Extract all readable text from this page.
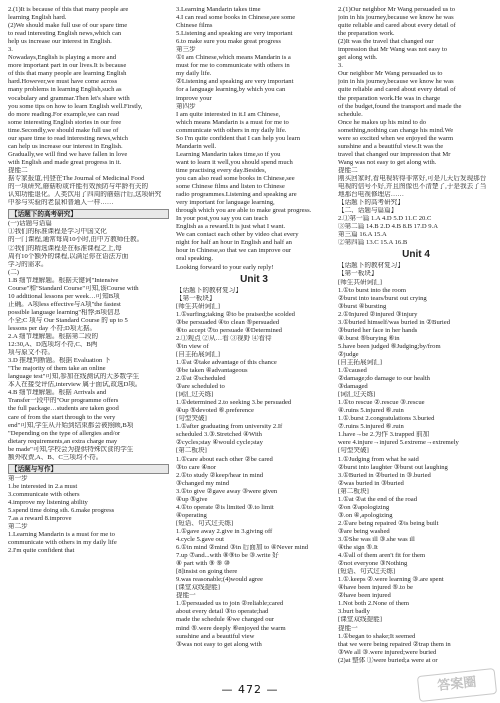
2.(1)It is because of this that many people are
learning English hard.
(2)We should make full use of our spare time
to read interesting English news,which can
help us increase our interest in English.
3.
Nowadays,English is playing a more and
more important part in our lives.It is because
of this that many people are learning English
hard.However,we must have come across
many problems in learning English,such as
vocabulary and grammar.Then let's share with
you some tips on how to learn English well.Firstly,
do more reading.For example,we can read
some interesting English stories in our free
time.Secondly,we should make full use of
our spare time to read interesting news,which
can help us increase our interest in English.
Gradually,we will find we have fallen in love
with English and made great progress in it.
提能二
据专家报道,刊登在The Journal of Medicinal Food
的一项研究,蘑菇粉或许能有效预防与年龄有关的
认知功能退化。人类饮用了四周的蘑菇汁后,这项研究
中参与实验的老鼠和普通人一样……
【话题下的高考研究】
(一)话题与语篇
①我们的标准课程是学习中国文化
的一门课程,通常每周10小时,由中方教师任教。
②我们的精选课程是在标准课程之上,每
周有10个额外的课程,以满足你在语法方面
学习的需求。
(二)
1.B 细节理解题。根据关键词"Intensive
Course"和"Standard Course"可知,该Course with
10 additional lessons per week…可知B项
正确。A项less effective与A项"the fastest
possible language learning"相悖;B项信息
不全;C 项与 Our Standard Course 的 up to 5
lessons per day 不符;D项无据。
2.A 细节理解题。根据第二段的
12:30,A、D选项均不符,C、B两
项与原文不符。
3.D 推理判断题。根据 Evaluation 下
"The majority of them take an online
language test"可知,参加在线测试的大多数学生
本人在接受评估,interview 属于面试,故选D项。
4.B 细节理解题。根据 Arrivals and
Transfer一段中的"Our programme offers
the full package…students are taken good
care of from the start through to the very
end"可知,学生从开始到结束都会被照顾,B项
"Depending on the type of allergies and/or
dietary requirements,an extra charge may
be made"可知,学校会为提供特殊饮食的学生
额外收费,A、B、C三项均不符。
【话题与写作】
第一步
1.be interested in 2.a must
3.communicate with others
4.improve my listening ability
5.spend time doing sth. 6.make progress
7.as a reward 8.improve
第二步
1.Learning Mandarin is a must for me to
communicate with others in my daily life
2.I'm quite confident that
3.Learning Mandarin takes time
4.I can read some books in Chinese,see some
Chinese films
5.Listening and speaking are very important
6.to make sure you make great progress
第三步
①I am Chinese,which means Mandarin is a
must for me to communicate with others in
my daily life.
②Listening and speaking are very important
for a language learning,by which you can
improve your
第四步
I am quite interested in it.I am Chinese,
which means Mandarin is a must for me to
communicate with others in my daily life.
So I'm quite confident that I can help you learn
Mandarin well.
Learning Mandarin takes time,so if you
want to learn it well,you should spend much
time practising every day.Besides,
you can also read some books in Chinese,see
some Chinese films and listen to Chinese
radio programmes.Listening and speaking are
very important for language learning,
through which you are able to make great progress.
In your post,you say you can teach
English as a reward.It is just what I want.
We can contact each other by video chat every
night for half an hour in English and half an
hour in Chinese,so that we can improve our
oral speaking.
Looking forward to your early reply!
Unit 3
【话题下的教材复习】
【第一板块】
[师生共研词汇]
1.①surfing;taking ②to be praised;be scolded
③be persuaded ④to clean ⑤persuaded
⑥to accept ⑦to persuade ⑧Determined
2.①观点 ②从…看 ③视野 ④看待
⑤in view of
[自主拓展词汇]
1.①at ②take advantage of this chance
③be taken ④advantageous
2.①at ②scheduled
③are scheduled to
[词汇过关练]
1.①determined 2.to seeking 3.be persuaded
④up ⑤devoted ⑥.preference
[句型突破]
1.①after graduating from university 2.If
scheduled 3.③.Stretched ④With
②cycles;stay ④would cycle;stay
[第二板块]
1.①care about each other ②be cared
③to care ④nor
2.①to study ②keep/hear in mind
③changed my mind
3.①to give ②gave away ③were given
④up ⑤give
4.①to operate ②is limited ③.to limit
④operating
[短语、句式过关练]
1.①gave away 2.give in 3.giving off
4.cycle 5.gave out
6.①in mind ②mind ③in 后面加 to ④Never mind
7.up ⑦and...with ⑧⑨to be ③.write 好
⑧ part with ⑨ ⑨ ⑩
[8]insist on going there
9.was reasonable;(4)would agree
[课堂双线提能]
提能一
1.①persuaded us to join ②reliable;cared
about every detail ③to operate;had
made the schedule ④we changed our
mind ⑤.were deeply ⑥enjoyed the warm
sunshine and a beautiful view
③was not easy to get along with
2.(1)Our neighbor Mr Wang persuaded us to
join in his journey,because we know he was
quite reliable and cared about every detail of
the preparation work.
(2)It was the travel that changed our
impression that Mr Wang was not easy to
get along with.
3.
Our neighbor Mr Wang persuaded us to
join in his journey,because we know he was
quite reliable and cared about every detail of
the preparation work.He was in charge
of the budget,found the transport and made the
schedule.
Once he makes up his mind to do
something,nothing can change his mind.We
were so excited when we enjoyed the warm
sunshine and a beautiful view.It was the
travel that changed our impression that Mr
Wang was not easy to get along with.
提能二
刚买回家时,看电视转得非常好,可是几天后发现那台
电视的信号不好,并且图像也不清楚了,于是我去了当
地那台电视修理店……
【话题下的高考研究】
【二、话题与篇篇】
2.①第一篇 1.A 4.D 5.D 11.C 20.C
③第二篇 14.B 2.D 4.B 8.B 17.D 9.A
第三篇 16.A 15.A
②第四篇 13.C 15.A 16.B
Unit 4
【话题下的教材复习】
【第一板块】
[师生共研词汇]
1.①to burst into the room
②burst into tears/burst out crying
③burst ④bursting
2.①Injured ②injured ③injury
3.①buried himself/was buried in ②Buried
③buried her face in her hands
④.burst ⑤burying ⑥in
5.have been judged ⑥Judging;by/from
②judge
[自主拓展词汇]
1.①caused
②damage;do damage to our health
③damaged
[词汇过关练]
1.①to rescue ②.rescue ③.rescue
④.ruins 5.injured ⑥.ruin
1.①.burst 2.congratulations 3.buried
⑦.ruins 5.injured ⑥.ruin
1.have→be 2.为作 3.trapped 前加
were 4.injure→injured 5.extreme→extremely
[句型突破]
1.①Judging from what he said
②burst into laughter ③burst out laughing
3.①Buried in ②buried in ③.buried
②was buried in ③buried
[第二板块]
1.①at ②at the end of the road
②on ②apologizing
③.on ④,apologizing
2.①are being repaired ②is being built
③are being washed
3.①She was ill ③.she was ill
④the sign ⑤.It
4.①all of them aren't fit for them
②not everyone ③Nothing
[短语、句式过关练]
1.①.keeps ②.were learning ③.are spent
④have been injured ⑤.to be
②have been injured
1.Not both 2.None of them
3.burt badly
[课堂双线提能]
提能一
1.①began to shake;It seemed
that we were being repaired ②trap them in
③We all ③.were injured;were buried
(2)at 整体 ①were buried;a were at or
— 472 —	答案圈
